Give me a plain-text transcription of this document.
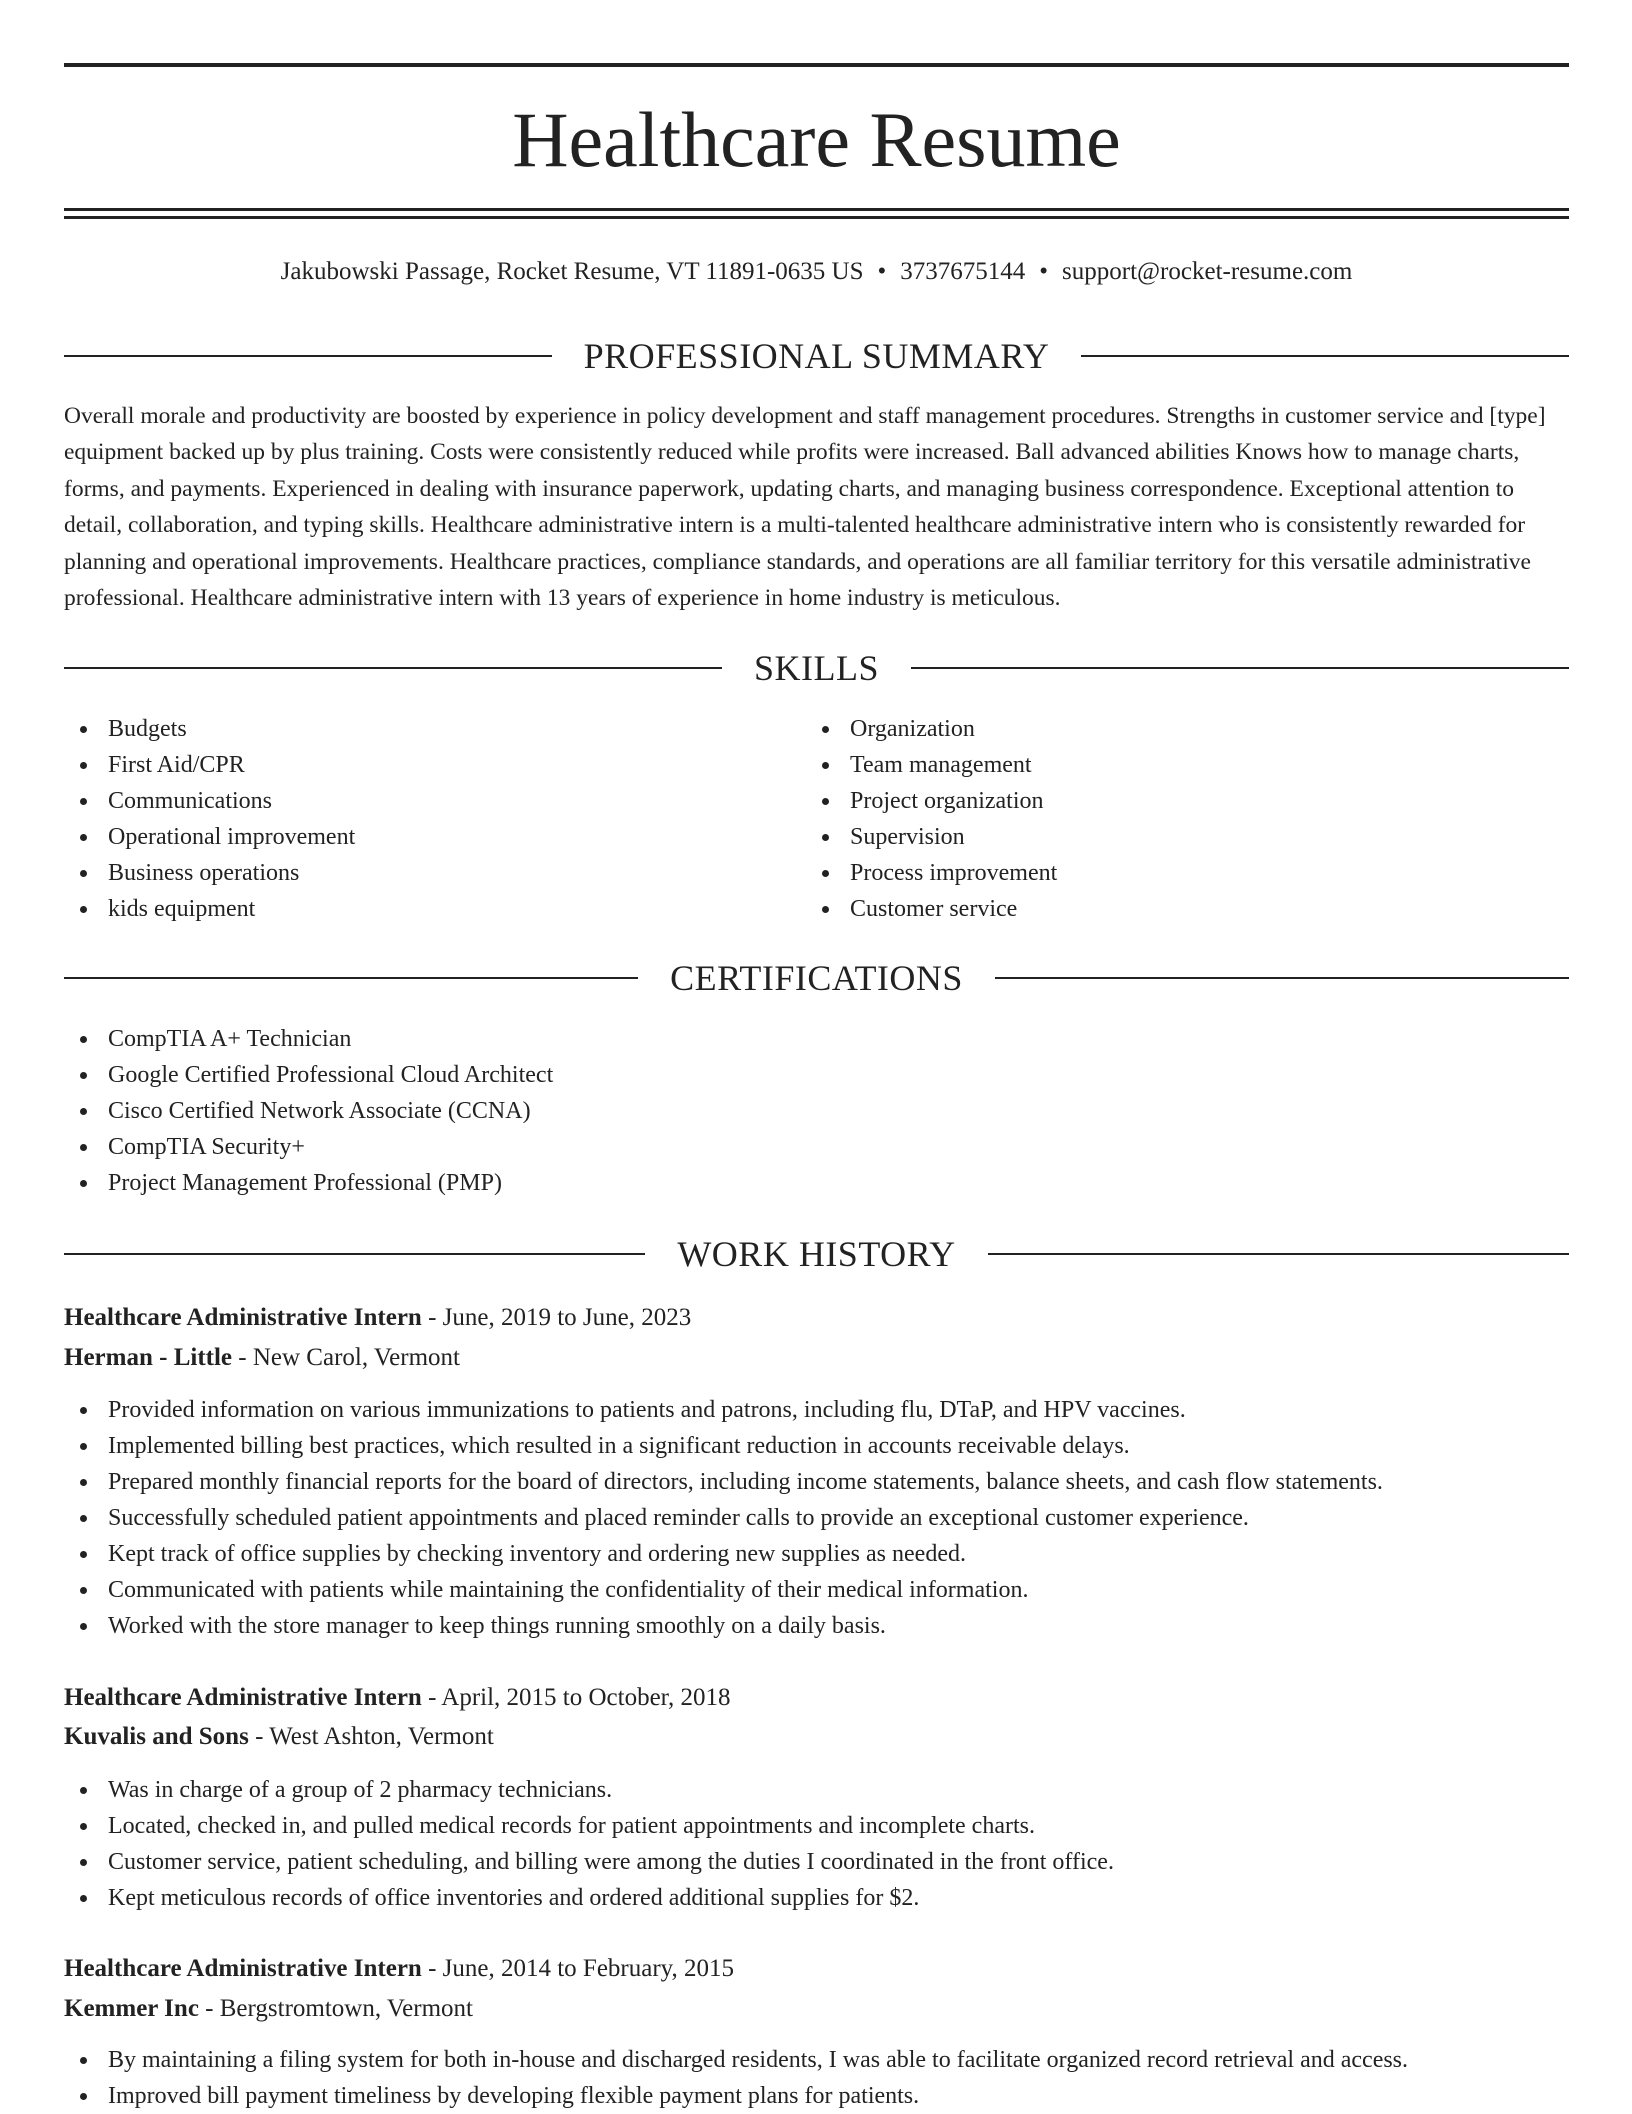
Healthcare Resume
Jakubowski Passage, Rocket Resume, VT 11891-0635 US • 3737675144 • support@rocket-resume.com
PROFESSIONAL SUMMARY

Overall morale and productivity are boosted by experience in policy development and staff management procedures. Strengths in customer service and [type] equipment backed up by plus training. Costs were consistently reduced while profits were increased. Ball advanced abilities Knows how to manage charts, forms, and payments. Experienced in dealing with insurance paperwork, updating charts, and managing business correspondence. Exceptional attention to detail, collaboration, and typing skills. Healthcare administrative intern is a multi-talented healthcare administrative intern who is consistently rewarded for planning and operational improvements. Healthcare practices, compliance standards, and operations are all familiar territory for this versatile administrative professional. Healthcare administrative intern with 13 years of experience in home industry is meticulous.

SKILLS
Budgets
First Aid/CPR
Communications
Operational improvement
Business operations
kids equipment
Organization
Team management
Project organization
Supervision
Process improvement
Customer service
CERTIFICATIONS
CompTIA A+ Technician
Google Certified Professional Cloud Architect
Cisco Certified Network Associate (CCNA)
CompTIA Security+
Project Management Professional (PMP)
WORK HISTORY
Healthcare Administrative Intern - June, 2019 to June, 2023
Herman - Little - New Carol, Vermont
Provided information on various immunizations to patients and patrons, including flu, DTaP, and HPV vaccines.
Implemented billing best practices, which resulted in a significant reduction in accounts receivable delays.
Prepared monthly financial reports for the board of directors, including income statements, balance sheets, and cash flow statements.
Successfully scheduled patient appointments and placed reminder calls to provide an exceptional customer experience.
Kept track of office supplies by checking inventory and ordering new supplies as needed.
Communicated with patients while maintaining the confidentiality of their medical information.
Worked with the store manager to keep things running smoothly on a daily basis.
Healthcare Administrative Intern - April, 2015 to October, 2018
Kuvalis and Sons - West Ashton, Vermont
Was in charge of a group of 2 pharmacy technicians.
Located, checked in, and pulled medical records for patient appointments and incomplete charts.
Customer service, patient scheduling, and billing were among the duties I coordinated in the front office.
Kept meticulous records of office inventories and ordered additional supplies for $2.
Healthcare Administrative Intern - June, 2014 to February, 2015
Kemmer Inc - Bergstromtown, Vermont
By maintaining a filing system for both in-house and discharged residents, I was able to facilitate organized record retrieval and access.
Improved bill payment timeliness by developing flexible payment plans for patients.
